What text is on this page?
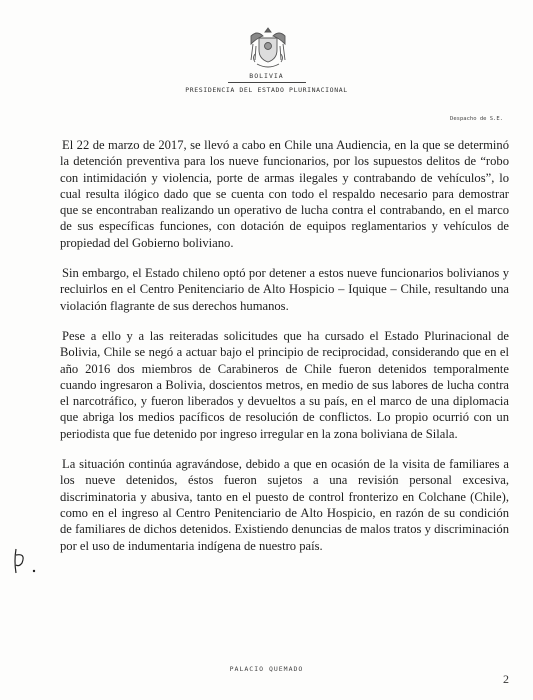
BOLIVIA
PRESIDENCIA DEL ESTADO PLURINACIONAL
Despacho de S.E.

El 22 de marzo de 2017, se llevó a cabo en Chile una Audiencia, en la que se determinó la detención preventiva para los nueve funcionarios, por los supuestos delitos de “robo con intimidación y violencia, porte de armas ilegales y contrabando de vehículos”, lo cual resulta ilógico dado que se cuenta con todo el respaldo necesario para demostrar que se encontraban realizando un operativo de lucha contra el contrabando, en el marco de sus específicas funciones, con dotación de equipos reglamentarios y vehículos de propiedad del Gobierno boliviano.

Sin embargo, el Estado chileno optó por detener a estos nueve funcionarios bolivianos y recluirlos en el Centro Penitenciario de Alto Hospicio – Iquique – Chile, resultando una violación flagrante de sus derechos humanos.

Pese a ello y a las reiteradas solicitudes que ha cursado el Estado Plurinacional de Bolivia, Chile se negó a actuar bajo el principio de reciprocidad, considerando que en el año 2016 dos miembros de Carabineros de Chile fueron detenidos temporalmente cuando ingresaron a Bolivia, doscientos metros, en medio de sus labores de lucha contra el narcotráfico, y fueron liberados y devueltos a su país, en el marco de una diplomacia que abriga los medios pacíficos de resolución de conflictos. Lo propio ocurrió con un periodista que fue detenido por ingreso irregular en la zona boliviana de Silala.

La situación continúa agravándose, debido a que en ocasión de la visita de familiares a los nueve detenidos, éstos fueron sujetos a una revisión personal excesiva, discriminatoria y abusiva, tanto en el puesto de control fronterizo en Colchane (Chile), como en el ingreso al Centro Penitenciario de Alto Hospicio, en razón de su condición de familiares de dichos detenidos. Existiendo denuncias de malos tratos y discriminación por el uso de indumentaria indígena de nuestro país.

PALACIO QUEMADO
2
